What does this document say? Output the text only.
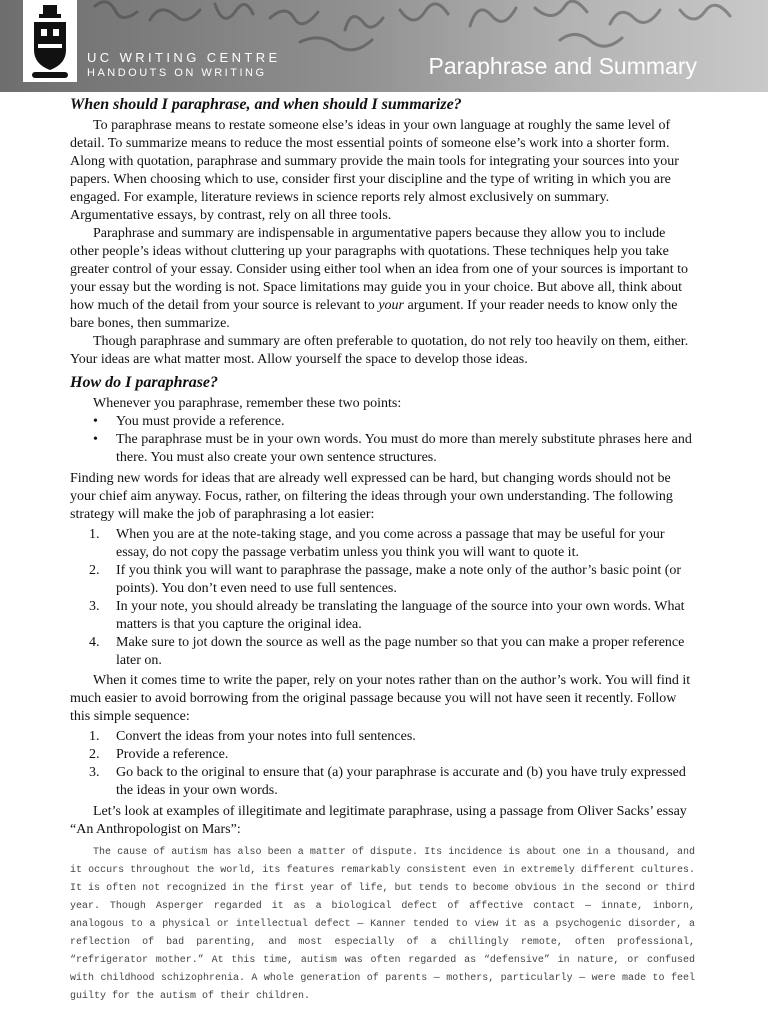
UC WRITING CENTRE
HANDOUTS ON WRITING	Paraphrase and Summary
When should I paraphrase, and when should I summarize?

To paraphrase means to restate someone else’s ideas in your own language at roughly the same level of detail. To summarize means to reduce the most essential points of someone else’s work into a shorter form. Along with quotation, paraphrase and summary provide the main tools for integrating your sources into your papers. When choosing which to use, consider first your discipline and the type of writing in which you are engaged. For example, literature reviews in science reports rely almost exclusively on summary. Argumentative essays, by contrast, rely on all three tools.

Paraphrase and summary are indispensable in argumentative papers because they allow you to include other people’s ideas without cluttering up your paragraphs with quotations. These techniques help you take greater control of your essay. Consider using either tool when an idea from one of your sources is important to your essay but the wording is not. Space limitations may guide you in your choice. But above all, think about how much of the detail from your source is relevant to your argument. If your reader needs to know only the bare bones, then summarize.

Though paraphrase and summary are often preferable to quotation, do not rely too heavily on them, either. Your ideas are what matter most. Allow yourself the space to develop those ideas.

How do I paraphrase?

Whenever you paraphrase, remember these two points:

• You must provide a reference.
• The paraphrase must be in your own words. You must do more than merely substitute phrases here and there. You must also create your own sentence structures.

Finding new words for ideas that are already well expressed can be hard, but changing words should not be your chief aim anyway. Focus, rather, on filtering the ideas through your own understanding. The following strategy will make the job of paraphrasing a lot easier:

1. When you are at the note-taking stage, and you come across a passage that may be useful for your essay, do not copy the passage verbatim unless you think you will want to quote it.
2. If you think you will want to paraphrase the passage, make a note only of the author’s basic point (or points). You don’t even need to use full sentences.
3. In your note, you should already be translating the language of the source into your own words. What matters is that you capture the original idea.
4. Make sure to jot down the source as well as the page number so that you can make a proper reference later on.

When it comes time to write the paper, rely on your notes rather than on the author’s work. You will find it much easier to avoid borrowing from the original passage because you will not have seen it recently. Follow this simple sequence:

1. Convert the ideas from your notes into full sentences.
2. Provide a reference.
3. Go back to the original to ensure that (a) your paraphrase is accurate and (b) you have truly expressed the ideas in your own words.

Let’s look at examples of illegitimate and legitimate paraphrase, using a passage from Oliver Sacks’ essay “An Anthropologist on Mars”:

The cause of autism has also been a matter of dispute. Its incidence is about one in a thousand, and it occurs throughout the world, its features remarkably consistent even in extremely different cultures. It is often not recognized in the first year of life, but tends to become obvious in the second or third year. Though Asperger regarded it as a biological defect of affective contact — innate, inborn, analogous to a physical or intellectual defect — Kanner tended to view it as a psychogenic disorder, a reflection of bad parenting, and most especially of a chillingly remote, often professional, “refrigerator mother.” At this time, autism was often regarded as “defensive” in nature, or confused with childhood schizophrenia. A whole generation of parents — mothers, particularly — were made to feel guilty for the autism of their children.
